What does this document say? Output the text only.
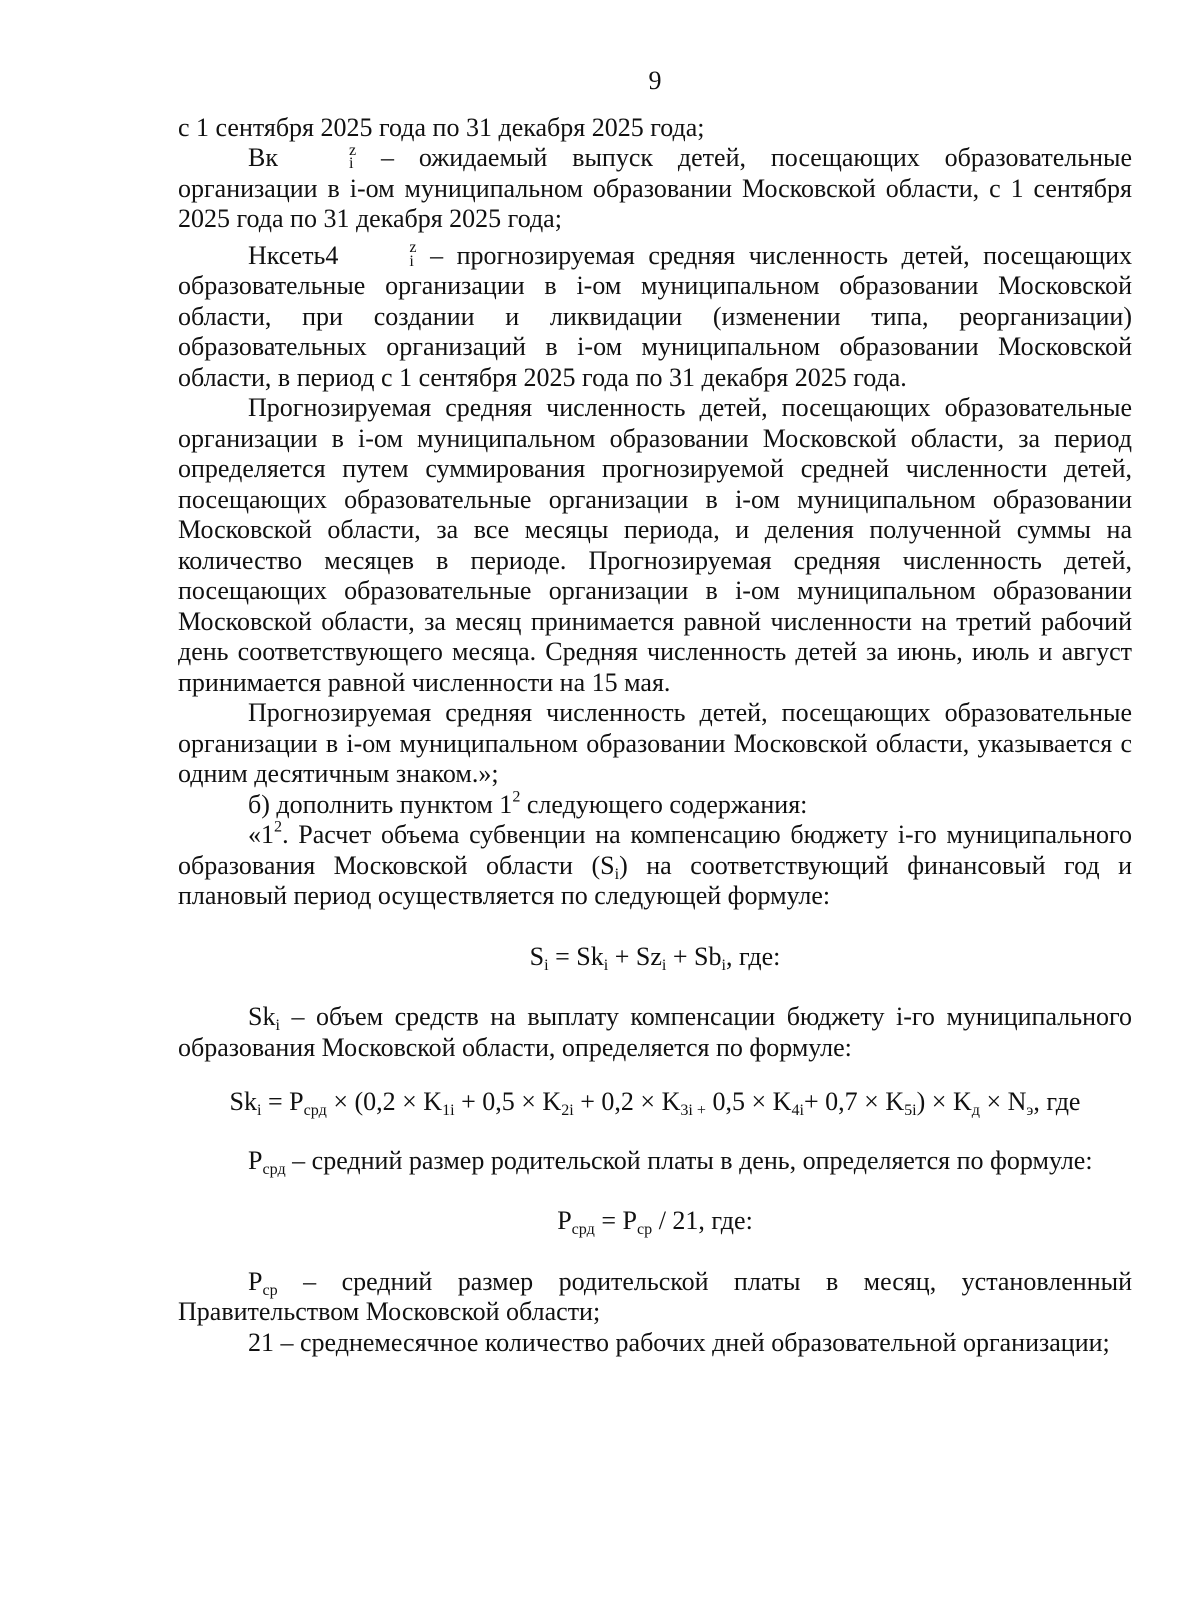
9

с 1 сентября 2025 года по 31 декабря 2025 года;

Вк	z
i – ожидаемый выпуск детей, посещающих образовательные организации в i-ом муниципальном образовании Московской области, с 1 сентября 2025 года по 31 декабря 2025 года;

Нксеть4	z
i – прогнозируемая средняя численность детей, посещающих образовательные организации в i-ом муниципальном образовании Московской области, при создании и ликвидации (изменении типа, реорганизации) образовательных организаций в i-ом муниципальном образовании Московской области, в период с 1 сентября 2025 года по 31 декабря 2025 года.

Прогнозируемая средняя численность детей, посещающих образовательные организации в i-ом муниципальном образовании Московской области, за период определяется путем суммирования прогнозируемой средней численности детей, посещающих образовательные организации в i-ом муниципальном образовании Московской области, за все месяцы периода, и деления полученной суммы на количество месяцев в периоде. Прогнозируемая средняя численность детей, посещающих образовательные организации в i-ом муниципальном образовании Московской области, за месяц принимается равной численности на третий рабочий день соответствующего месяца. Средняя численность детей за июнь, июль и август принимается равной численности на 15 мая.

Прогнозируемая средняя численность детей, посещающих образовательные организации в i-ом муниципальном образовании Московской области, указывается с одним десятичным знаком.»;

б) дополнить пунктом $1^2$ следующего содержания:

«$1^2$. Расчет объема субвенции на компенсацию бюджету i-го муниципального образования Московской области $(S_i)$ на соответствующий финансовый год и плановый период осуществляется по следующей формуле:

$S_i = Sk_i + Sz_i + Sb_i$, где:

$Sk_i$ – объем средств на выплату компенсации бюджету i-го муниципального образования Московской области, определяется по формуле:

$Sk_i = P_{срд} \times (0,2 \times K_{1i} + 0,5 \times K_{2i} + 0,2 \times K_{3i +}$ $0,5 \times K_{4i}+ 0,7 \times K_{5i}) \times K_д \times N_э$, где

$P_{срд}$ – средний размер родительской платы в день, определяется по формуле:

$P_{срд} = P_{ср} / 21$, где:

$P_{ср}$ – средний размер родительской платы в месяц, установленный Правительством Московской области;

21 – среднемесячное количество рабочих дней образовательной организации;
